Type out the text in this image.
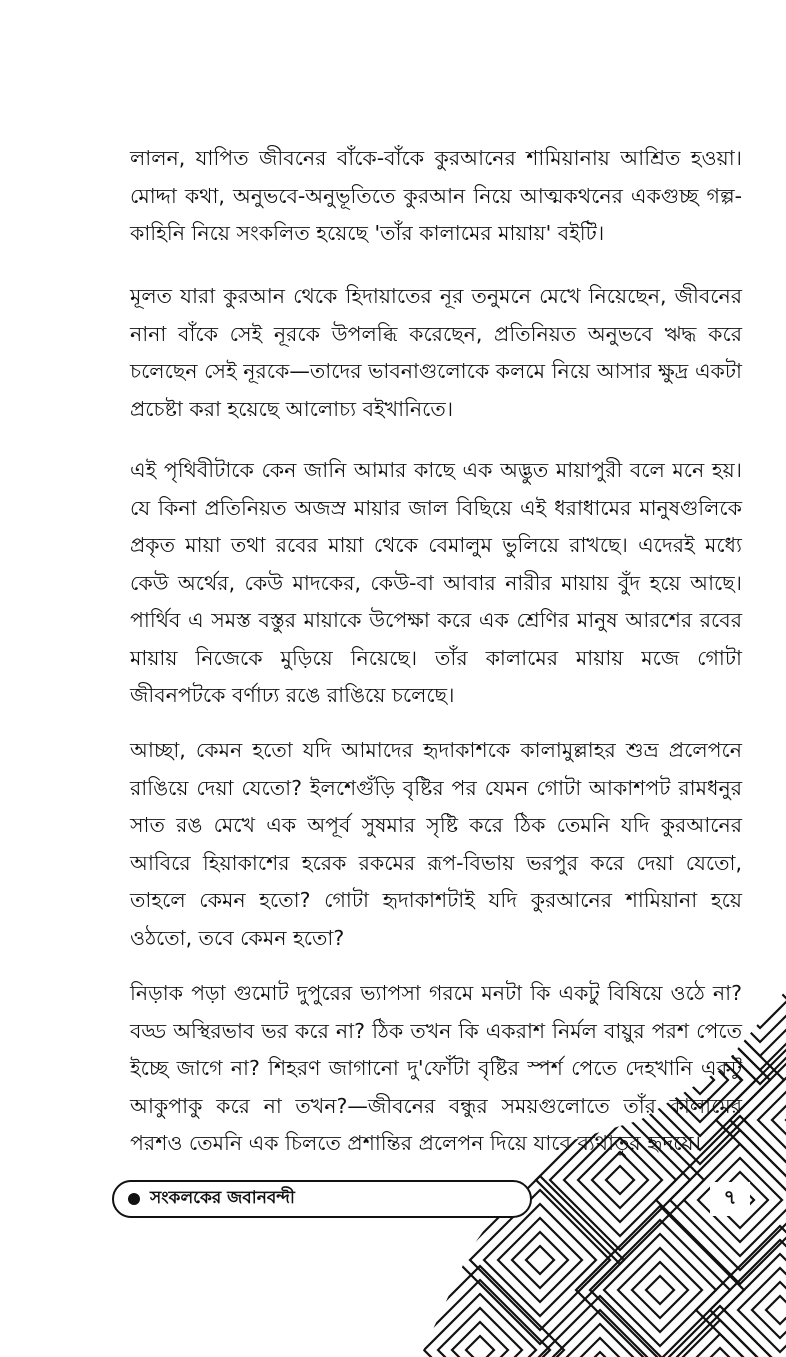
লালন, যাপিত জীবনের বাঁকে-বাঁকে কুরআনের শামিয়ানায় আশ্রিত হওয়া। মোদ্দা কথা, অনুভবে-অনুভূতিতে কুরআন নিয়ে আত্মকথনের একগুচ্ছ গল্প-কাহিনি নিয়ে সংকলিত হয়েছে 'তাঁর কালামের মায়ায়' বইটি।

মূলত যারা কুরআন থেকে হিদায়াতের নূর তনুমনে মেখে নিয়েছেন, জীবনের নানা বাঁকে সেই নূরকে উপলব্ধি করেছেন, প্রতিনিয়ত অনুভবে ঋদ্ধ করে চলেছেন সেই নূরকে—তাদের ভাবনাগুলোকে কলমে নিয়ে আসার ক্ষুদ্র একটা প্রচেষ্টা করা হয়েছে আলোচ্য বইখানিতে।

এই পৃথিবীটাকে কেন জানি আমার কাছে এক অদ্ভুত মায়াপুরী বলে মনে হয়। যে কিনা প্রতিনিয়ত অজস্র মায়ার জাল বিছিয়ে এই ধরাধামের মানুষগুলিকে প্রকৃত মায়া তথা রবের মায়া থেকে বেমালুম ভুলিয়ে রাখছে। এদেরই মধ্যে কেউ অর্থের, কেউ মাদকের, কেউ-বা আবার নারীর মায়ায় বুঁদ হয়ে আছে। পার্থিব এ সমস্ত বস্তুর মায়াকে উপেক্ষা করে এক শ্রেণির মানুষ আরশের রবের মায়ায় নিজেকে মুড়িয়ে নিয়েছে। তাঁর কালামের মায়ায় মজে গোটা জীবনপটকে বর্ণাঢ্য রঙে রাঙিয়ে চলেছে।

আচ্ছা, কেমন হতো যদি আমাদের হৃদাকাশকে কালামুল্লাহর শুভ্র প্রলেপনে রাঙিয়ে দেয়া যেতো? ইলশেগুঁড়ি বৃষ্টির পর যেমন গোটা আকাশপট রামধনুর সাত রঙ মেখে এক অপূর্ব সুষমার সৃষ্টি করে ঠিক তেমনি যদি কুরআনের আবিরে হিয়াকাশের হরেক রকমের রূপ-বিভায় ভরপুর করে দেয়া যেতো, তাহলে কেমন হতো? গোটা হৃদাকাশটাই যদি কুরআনের শামিয়ানা হয়ে ওঠতো, তবে কেমন হতো?

নিড়াক পড়া গুমোট দুপুরের ভ্যাপসা গরমে মনটা কি একটু বিষিয়ে ওঠে না? বড্ড অস্থিরভাব ভর করে না? ঠিক তখন কি একরাশ নির্মল বায়ুর পরশ পেতে ইচ্ছে জাগে না? শিহরণ জাগানো দু'ফোঁটা বৃষ্টির স্পর্শ পেতে দেহখানি একটু আকুপাকু করে না তখন?—জীবনের বন্ধুর সময়গুলোতে তাঁর কালামের পরশও তেমনি এক চিলতে প্রশান্তির প্রলেপন দিয়ে যাবে ব্যথাতুর হৃদয়ে।

সংকলকের জবানবন্দী	৭
